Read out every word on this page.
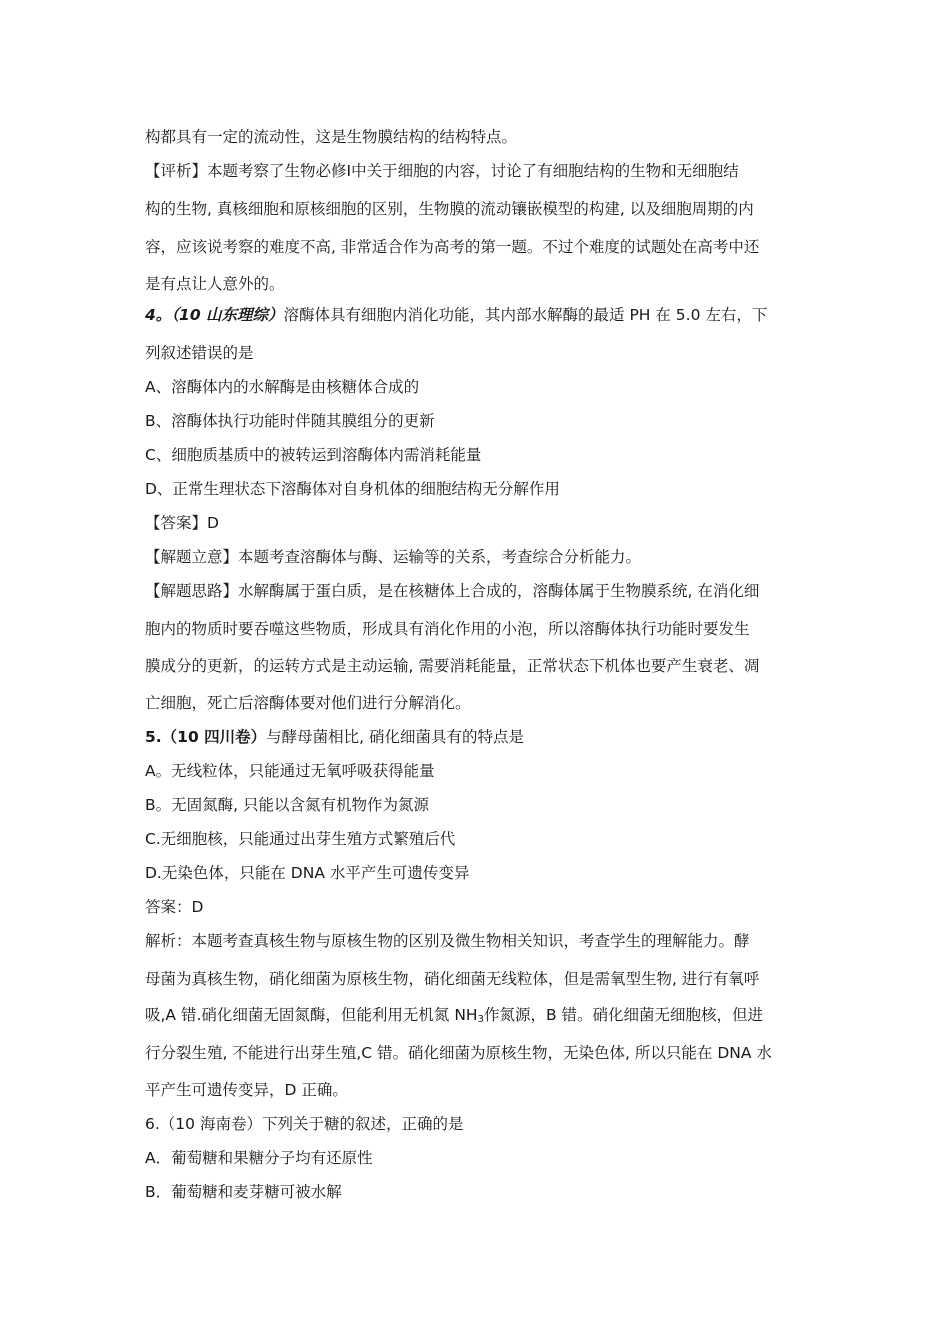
构都具有一定的流动性，这是生物膜结构的结构特点。
【评析】本题考察了生物必修Ⅰ中关于细胞的内容，讨论了有细胞结构的生物和无细胞结
构的生物, 真核细胞和原核细胞的区别，生物膜的流动镶嵌模型的构建, 以及细胞周期的内
容，应该说考察的难度不高, 非常适合作为高考的第一题。不过个难度的试题处在高考中还
是有点让人意外的。
4。（10 山东理综）溶酶体具有细胞内消化功能，其内部水解酶的最适 PH 在 5.0 左右，下
列叙述错误的是
A、溶酶体内的水解酶是由核糖体合成的
B、溶酶体执行功能时伴随其膜组分的更新
C、细胞质基质中的被转运到溶酶体内需消耗能量
D、正常生理状态下溶酶体对自身机体的细胞结构无分解作用
【答案】D
【解题立意】本题考查溶酶体与酶、运输等的关系，考查综合分析能力。
【解题思路】水解酶属于蛋白质，是在核糖体上合成的，溶酶体属于生物膜系统, 在消化细
胞内的物质时要吞噬这些物质，形成具有消化作用的小泡，所以溶酶体执行功能时要发生
膜成分的更新，的运转方式是主动运输, 需要消耗能量，正常状态下机体也要产生衰老、凋
亡细胞，死亡后溶酶体要对他们进行分解消化。
5.（10 四川卷）与酵母菌相比, 硝化细菌具有的特点是
A。无线粒体，只能通过无氧呼吸获得能量
B。无固氮酶, 只能以含氮有机物作为氮源
C.无细胞核，只能通过出芽生殖方式繁殖后代
D.无染色体，只能在 DNA 水平产生可遗传变异
答案：D
解析：本题考查真核生物与原核生物的区别及微生物相关知识，考查学生的理解能力。酵
母菌为真核生物，硝化细菌为原核生物，硝化细菌无线粒体，但是需氧型生物, 进行有氧呼
吸,A 错.硝化细菌无固氮酶，但能利用无机氮 $NH_3$作氮源，B 错。硝化细菌无细胞核，但进
行分裂生殖, 不能进行出芽生殖,C 错。硝化细菌为原核生物，无染色体, 所以只能在 DNA 水
平产生可遗传变异，D 正确。
6.（10 海南卷）下列关于糖的叙述，正确的是
A．葡萄糖和果糖分子均有还原性
B．葡萄糖和麦芽糖可被水解
